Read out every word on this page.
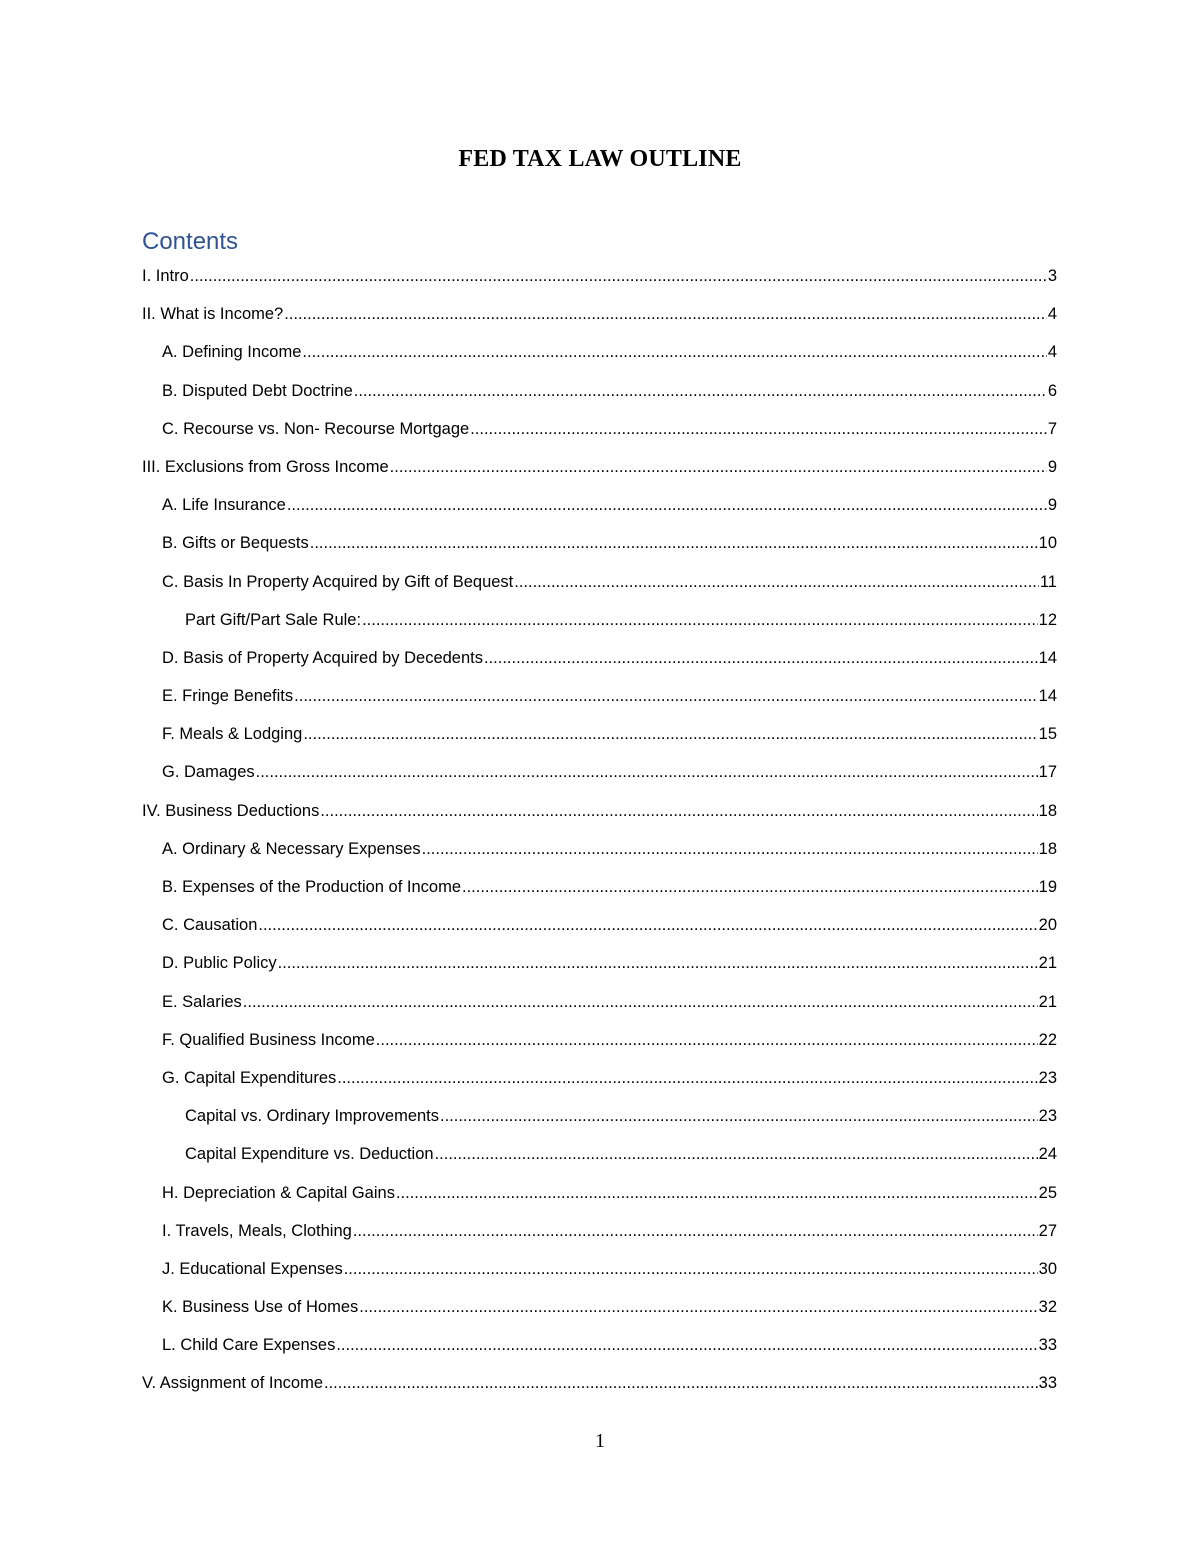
FED TAX LAW OUTLINE
Contents
I. Intro .....	3
II. What is Income? .....	4
A. Defining Income .....	4
B. Disputed Debt Doctrine .....	6
C. Recourse vs. Non- Recourse Mortgage .....	7
III. Exclusions from Gross Income .....	9
A. Life Insurance .....	9
B. Gifts or Bequests .....	10
C. Basis In Property Acquired by Gift of Bequest .....	11
Part Gift/Part Sale Rule: .....	12
D. Basis of Property Acquired by Decedents .....	14
E. Fringe Benefits .....	14
F. Meals & Lodging .....	15
G. Damages .....	17
IV. Business Deductions .....	18
A. Ordinary & Necessary Expenses .....	18
B. Expenses of the Production of Income .....	19
C. Causation .....	20
D. Public Policy .....	21
E. Salaries .....	21
F. Qualified Business Income .....	22
G. Capital Expenditures .....	23
Capital vs. Ordinary Improvements .....	23
Capital Expenditure vs. Deduction .....	24
H. Depreciation & Capital Gains .....	25
I. Travels, Meals, Clothing .....	27
J. Educational Expenses .....	30
K. Business Use of Homes .....	32
L. Child Care Expenses .....	33
V. Assignment of Income .....	33
1
